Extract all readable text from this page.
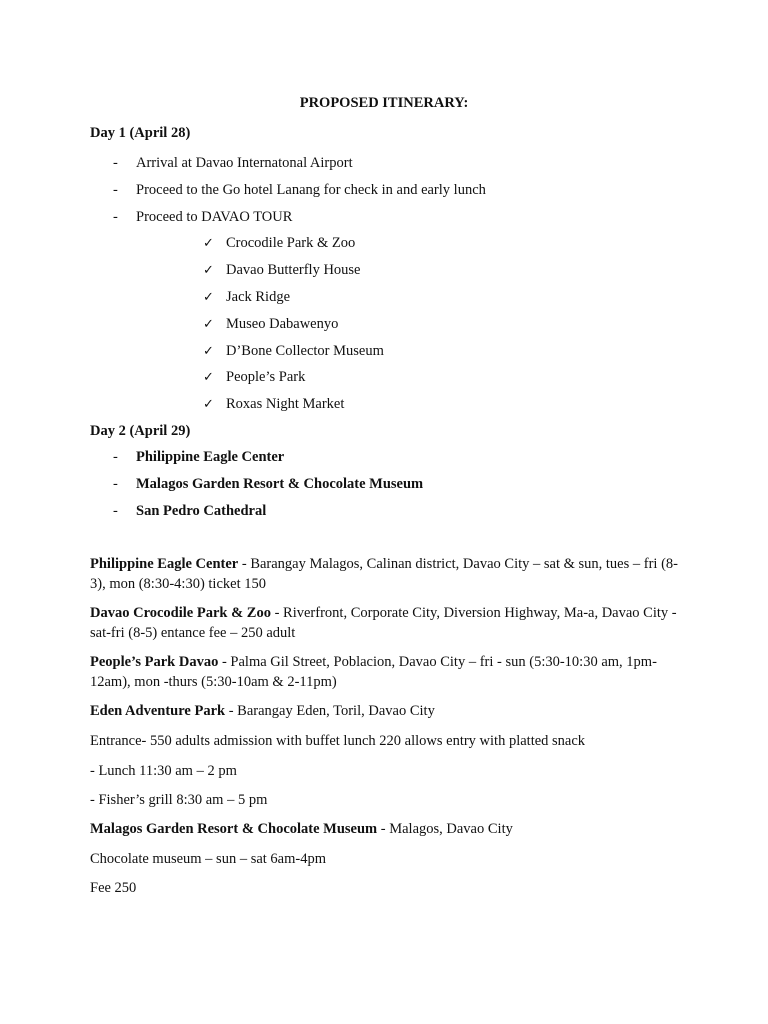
PROPOSED ITINERARY:
Day 1 (April 28)
- Arrival at Davao Internatonal Airport
- Proceed to the Go hotel Lanang for check in and early lunch
- Proceed to DAVAO TOUR
✓ Crocodile Park & Zoo
✓ Davao Butterfly House
✓ Jack Ridge
✓ Museo Dabawenyo
✓ D’Bone Collector Museum
✓ People’s Park
✓ Roxas Night Market
Day 2 (April 29)
- Philippine Eagle Center
- Malagos Garden Resort & Chocolate Museum
- San Pedro Cathedral
Philippine Eagle Center - Barangay Malagos, Calinan district, Davao City – sat & sun, tues – fri (8-3), mon (8:30-4:30) ticket 150
Davao Crocodile Park & Zoo - Riverfront, Corporate City, Diversion Highway, Ma-a, Davao City - sat-fri (8-5) entance fee – 250 adult
People’s Park Davao - Palma Gil Street, Poblacion, Davao City – fri - sun (5:30-10:30 am, 1pm-12am), mon -thurs (5:30-10am & 2-11pm)
Eden Adventure Park - Barangay Eden, Toril, Davao City
Entrance- 550 adults admission with buffet lunch 220 allows entry with platted snack
- Lunch 11:30 am – 2 pm
- Fisher’s grill 8:30 am – 5 pm
Malagos Garden Resort & Chocolate Museum - Malagos, Davao City
Chocolate museum – sun – sat 6am-4pm
Fee 250
